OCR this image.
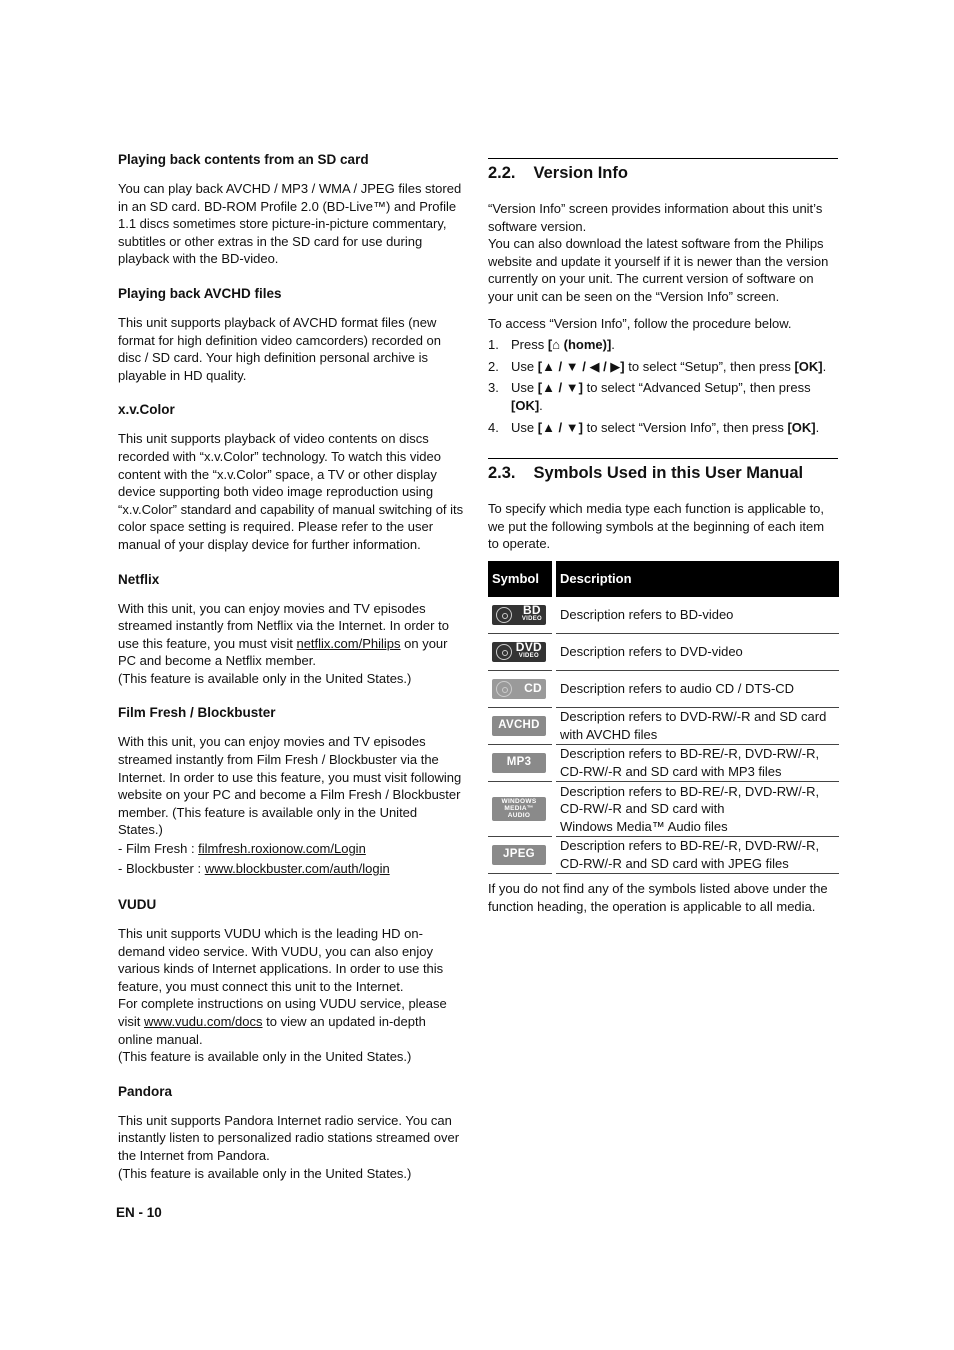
Playing back contents from an SD card

You can play back AVCHD / MP3 / WMA / JPEG files stored in an SD card. BD-ROM Profile 2.0 (BD-Live™) and Profile 1.1 discs sometimes store picture-in-picture commentary, subtitles or other extras in the SD card for use during playback with the BD-video.

Playing back AVCHD files

This unit supports playback of AVCHD format files (new format for high definition video camcorders) recorded on disc / SD card. Your high definition personal archive is playable in HD quality.

x.v.Color

This unit supports playback of video contents on discs recorded with “x.v.Color” technology. To watch this video content with the “x.v.Color” space, a TV or other display device supporting both video image reproduction using “x.v.Color” standard and capability of manual switching of its color space setting is required. Please refer to the user manual of your display device for further information.

Netflix

With this unit, you can enjoy movies and TV episodes streamed instantly from Netflix via the Internet. In order to use this feature, you must visit netflix.com/Philips on your PC and become a Netflix member.

(This feature is available only in the United States.)

Film Fresh / Blockbuster

With this unit, you can enjoy movies and TV episodes streamed instantly from Film Fresh / Blockbuster via the Internet. In order to use this feature, you must visit following website on your PC and become a Film Fresh / Blockbuster member. (This feature is available only in the United States.)

- Film Fresh : filmfresh.roxionow.com/Login
- Blockbuster : www.blockbuster.com/auth/login
VUDU

This unit supports VUDU which is the leading HD on-demand video service. With VUDU, you can also enjoy various kinds of Internet applications. In order to use this feature, you must connect this unit to the Internet.

For complete instructions on using VUDU service, please visit www.vudu.com/docs to view an updated in-depth online manual.

(This feature is available only in the United States.)

Pandora

This unit supports Pandora Internet radio service. You can instantly listen to personalized radio stations streamed over the Internet from Pandora.

(This feature is available only in the United States.)

2.2. Version Info

“Version Info” screen provides information about this unit’s software version.

You can also download the latest software from the Philips website and update it yourself if it is newer than the version currently on your unit. The current version of software on your unit can be seen on the “Version Info” screen.

To access “Version Info”, follow the procedure below.

1. Press [⌂ (home)].
2. Use [▲ / ▼ / ◀ / ▶] to select “Setup”, then press [OK].
3. Use [▲ / ▼] to select “Advanced Setup”, then press [OK].
4. Use [▲ / ▼] to select “Version Info”, then press [OK].
2.3. Symbols Used in this User Manual

To specify which media type each function is applicable to, we put the following symbols at the beginning of each item to operate.

Symbol	Description

BD
VIDEO	Description refers to BD-video

DVD
VIDEO	Description refers to DVD-video

CD	Description refers to audio CD / DTS-CD

AVCHD	Description refers to DVD-RW/-R and SD card with AVCHD files

MP3	Description refers to BD-RE/-R, DVD-RW/-R, CD-RW/-R and SD card with MP3 files

WINDOWS
MEDIA™
AUDIO	Description refers to BD-RE/-R, DVD-RW/-R, CD-RW/-R and SD card with
Windows Media™ Audio files

JPEG	Description refers to BD-RE/-R, DVD-RW/-R, CD-RW/-R and SD card with JPEG files

If you do not find any of the symbols listed above under the function heading, the operation is applicable to all media.

EN - 10
